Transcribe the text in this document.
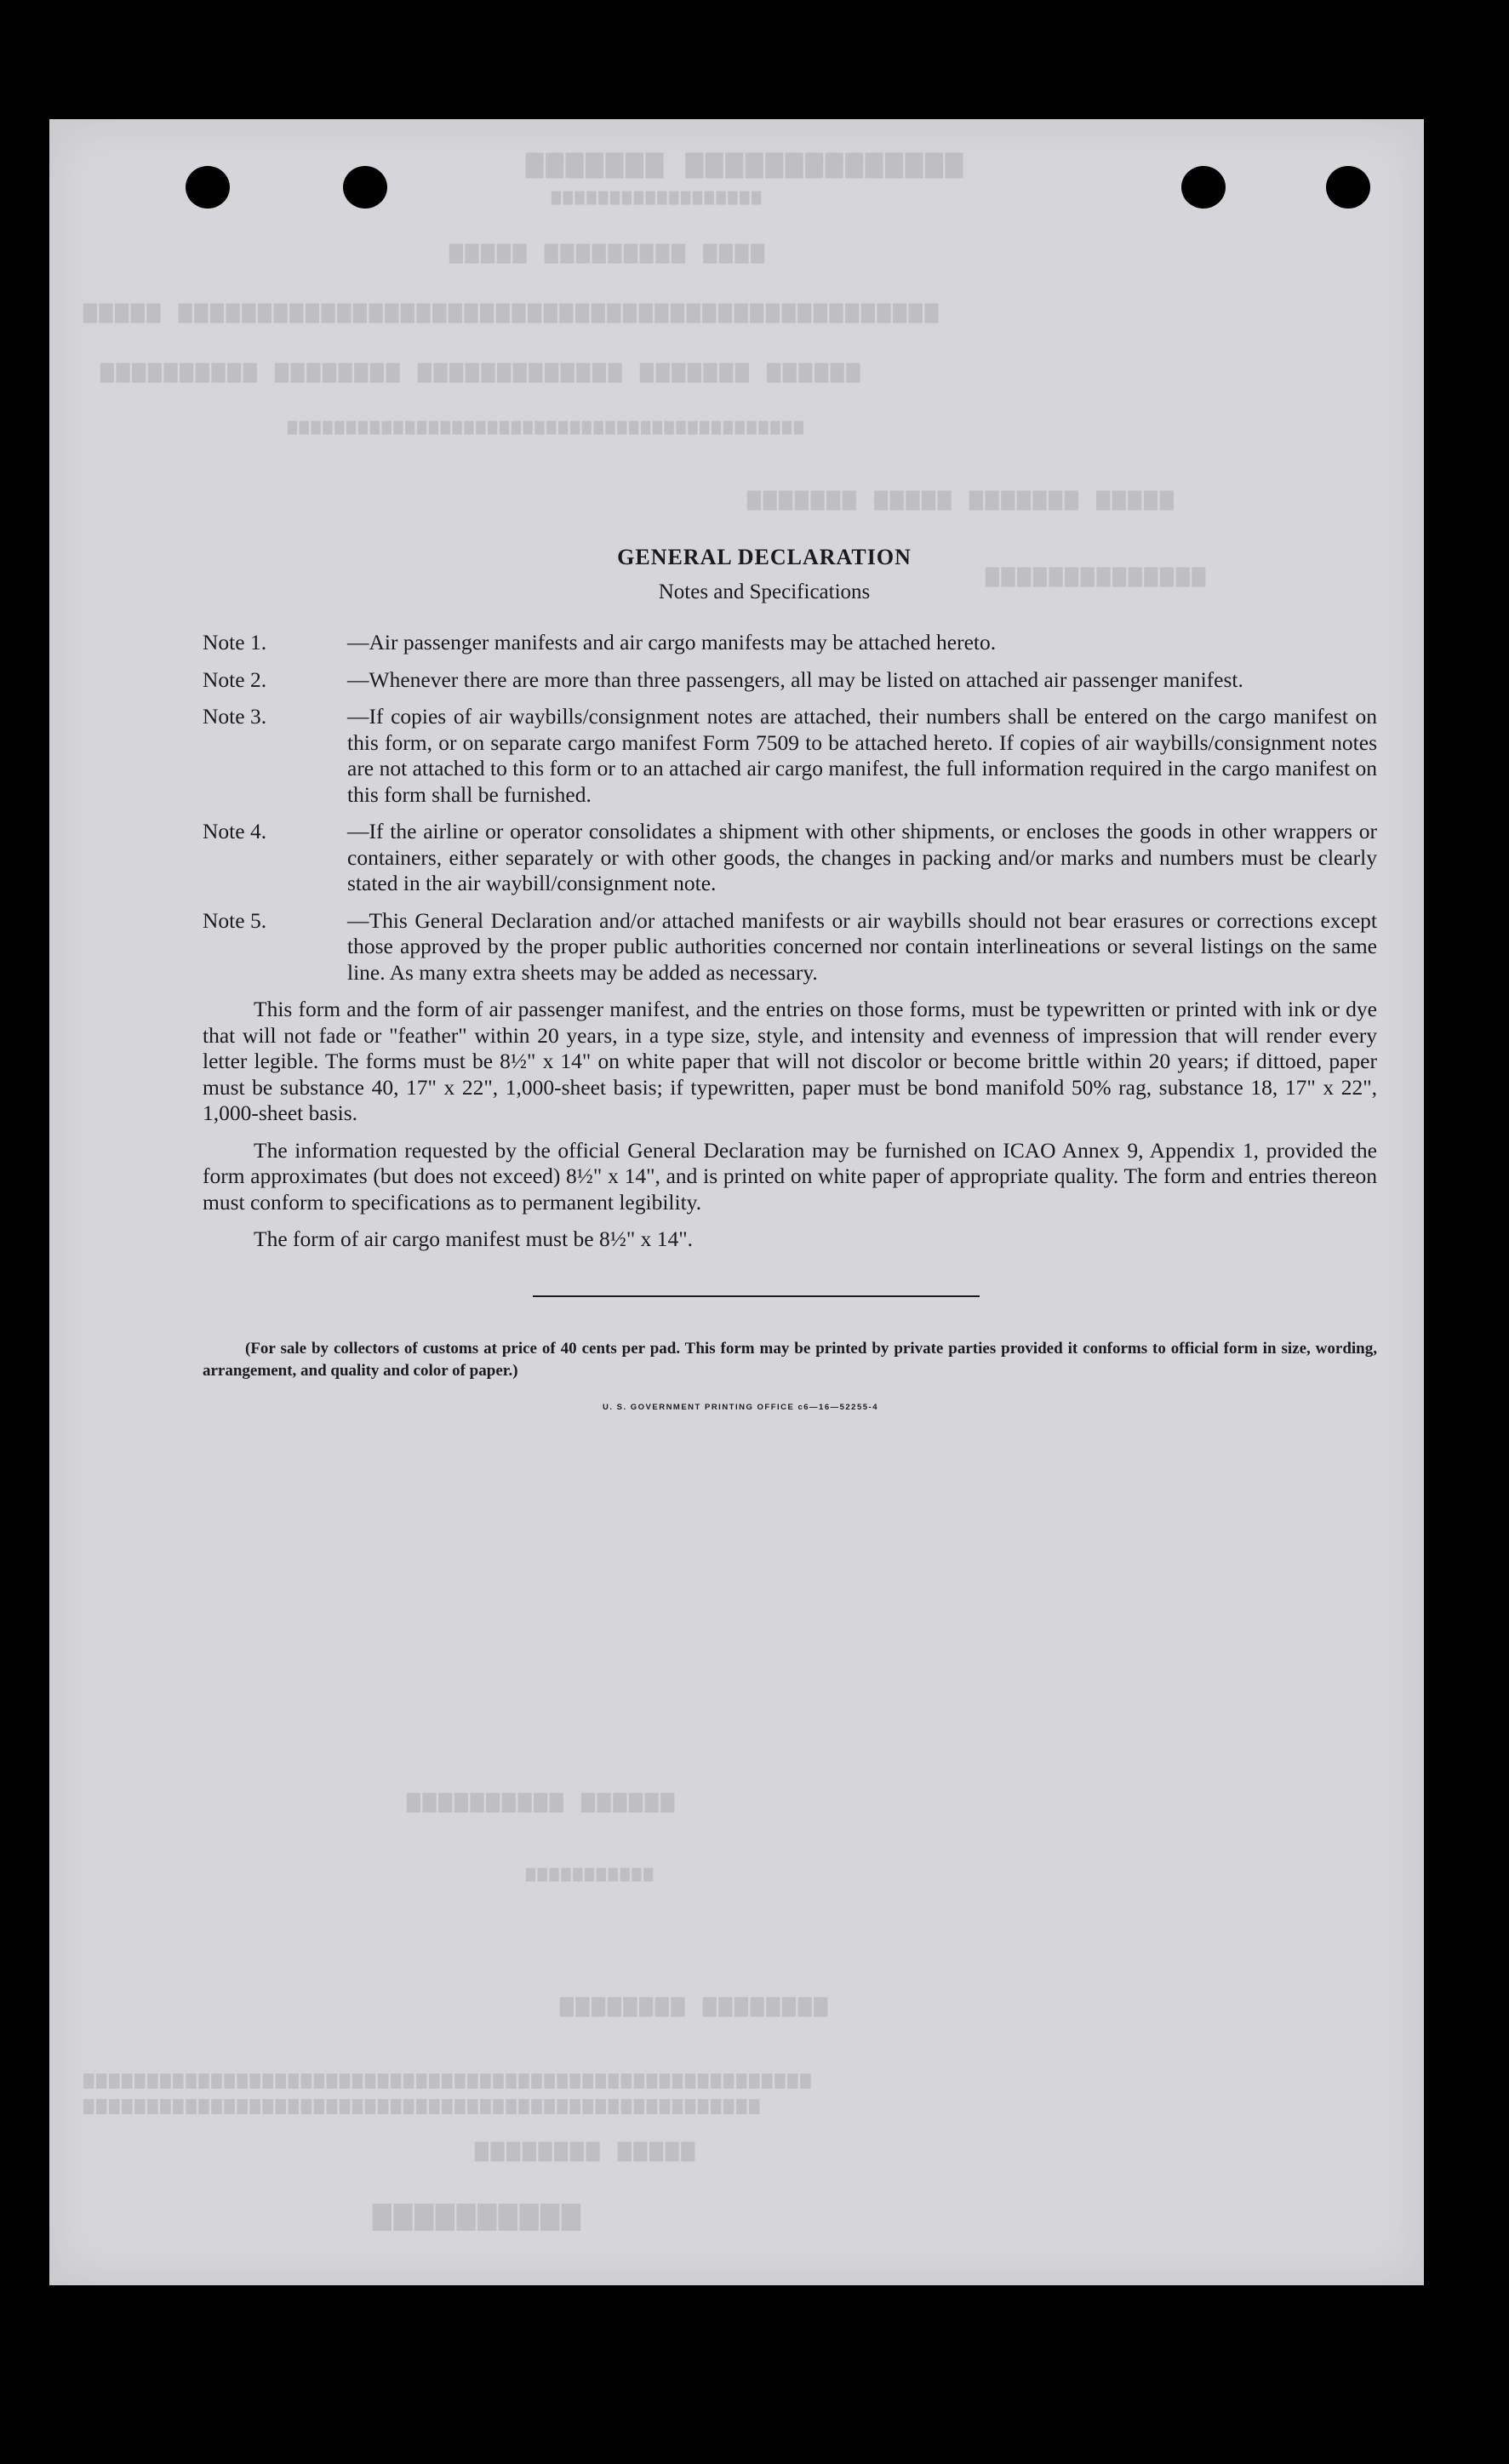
▆▆▆▆▆▆▆ ▆▆▆▆▆▆▆▆▆▆▆▆▆▆
▆▆▆▆▆▆▆▆▆▆▆▆▆▆▆▆▆▆
▆▆▆▆▆ ▆▆▆▆▆▆▆▆▆ ▆▆▆▆
▆▆▆▆▆ ▆▆▆▆▆▆▆▆▆▆▆▆▆▆▆▆▆▆▆▆▆▆▆▆▆▆▆▆▆▆▆▆▆▆▆▆▆▆▆▆▆▆▆▆▆▆▆▆
▆▆▆▆▆▆▆▆▆▆ ▆▆▆▆▆▆▆▆ ▆▆▆▆▆▆▆▆▆▆▆▆▆ ▆▆▆▆▆▆▆ ▆▆▆▆▆▆
▆▆▆▆▆▆▆▆▆▆▆▆▆▆▆▆▆▆▆▆▆▆▆▆▆▆▆▆▆▆▆▆▆▆▆▆▆▆▆▆▆▆▆▆
▆▆▆▆▆▆▆ ▆▆▆▆▆ ▆▆▆▆▆▆▆ ▆▆▆▆▆
▆▆▆▆▆▆▆▆▆▆▆▆▆▆
▆▆▆▆▆▆▆▆▆▆ ▆▆▆▆▆▆
▆▆▆▆▆▆▆▆▆▆▆
▆▆▆▆▆▆▆▆ ▆▆▆▆▆▆▆▆
▆▆▆▆▆▆▆▆▆▆▆▆▆▆▆▆▆▆▆▆▆▆▆▆▆▆▆▆▆▆▆▆▆▆▆▆▆▆▆▆▆▆▆▆▆▆▆▆▆▆▆▆▆▆▆▆▆
▆▆▆▆▆▆▆▆▆▆▆▆▆▆▆▆▆▆▆▆▆▆▆▆▆▆▆▆▆▆▆▆▆▆▆▆▆▆▆▆▆▆▆▆▆▆▆▆▆▆▆▆▆
▆▆▆▆▆▆▆▆ ▆▆▆▆▆
▆▆▆▆▆▆▆▆▆▆
GENERAL DECLARATION
Notes and Specifications
Note 1.	—Air passenger manifests and air cargo manifests may be attached hereto.
Note 2.	—Whenever there are more than three passengers, all may be listed on attached air passenger manifest.
Note 3.	—If copies of air waybills/consignment notes are attached, their numbers shall be entered on the cargo manifest on this form, or on separate cargo manifest Form 7509 to be attached hereto. If copies of air waybills/consignment notes are not attached to this form or to an attached air cargo manifest, the full information required in the cargo manifest on this form shall be furnished.
Note 4.	—If the airline or operator consolidates a shipment with other shipments, or encloses the goods in other wrappers or containers, either separately or with other goods, the changes in packing and/or marks and numbers must be clearly stated in the air waybill/consignment note.
Note 5.	—This General Declaration and/or attached manifests or air waybills should not bear erasures or corrections except those approved by the proper public authorities concerned nor contain interlineations or several listings on the same line. As many extra sheets may be added as necessary.

This form and the form of air passenger manifest, and the entries on those forms, must be typewritten or printed with ink or dye that will not fade or "feather" within 20 years, in a type size, style, and intensity and evenness of impression that will render every letter legible. The forms must be 8½" x 14" on white paper that will not discolor or become brittle within 20 years; if dittoed, paper must be substance 40, 17" x 22", 1,000-sheet basis; if typewritten, paper must be bond manifold 50% rag, substance 18, 17" x 22", 1,000-sheet basis.

The information requested by the official General Declaration may be furnished on ICAO Annex 9, Appendix 1, provided the form approximates (but does not exceed) 8½" x 14", and is printed on white paper of appropriate quality. The form and entries thereon must conform to specifications as to permanent legibility.

The form of air cargo manifest must be 8½" x 14".

(For sale by collectors of customs at price of 40 cents per pad. This form may be printed by private parties provided it conforms to official form in size, wording, arrangement, and quality and color of paper.)

U. S. GOVERNMENT PRINTING OFFICE c6—16—52255-4
